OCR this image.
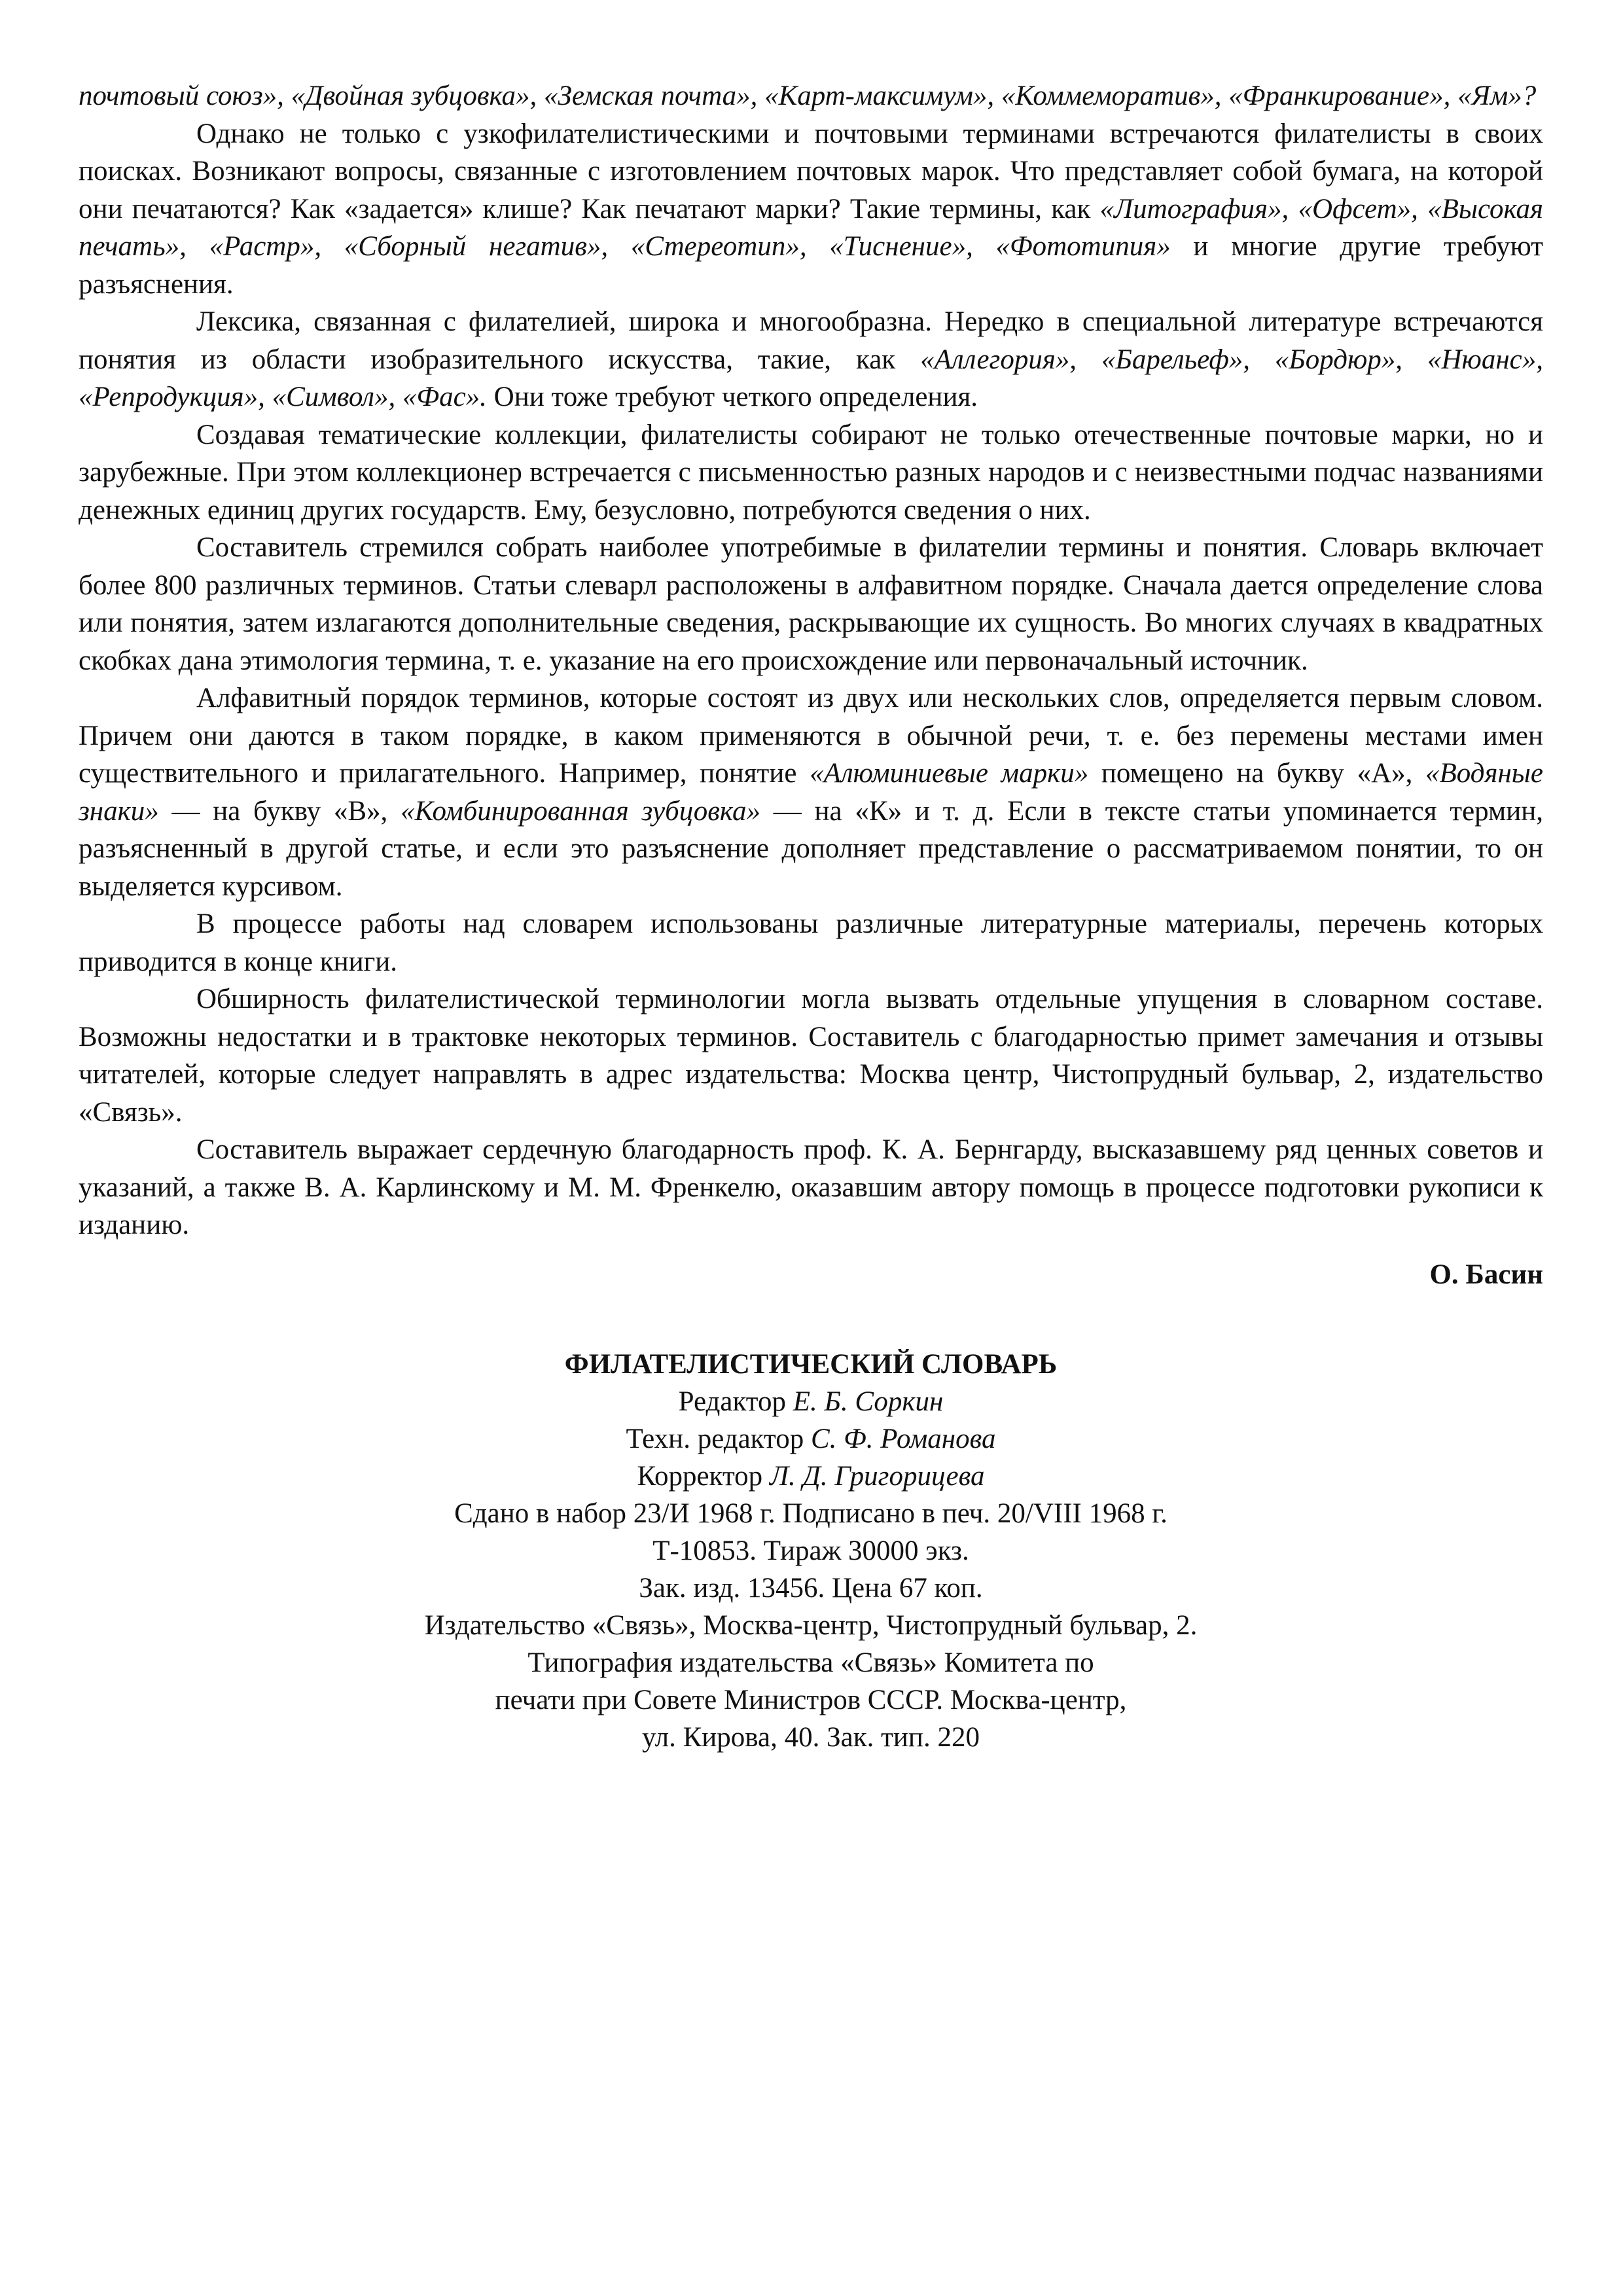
почтовый союз», «Двойная зубцовка», «Земская почта», «Карт-максимум», «Коммеморатив», «Франкирование», «Ям»?

Однако не только с узкофилателистическими и почтовыми терминами встречаются филателисты в своих поисках. Возникают вопросы, связанные с изготовлением почтовых марок. Что представляет собой бумага, на которой они печатаются? Как «задается» клише? Как печатают марки? Такие термины, как «Литография», «Офсет», «Высокая печать», «Растр», «Сборный негатив», «Стереотип», «Тиснение», «Фототипия» и многие другие требуют разъяснения.

Лексика, связанная с филателией, широка и многообразна. Нередко в специальной литературе встречаются понятия из области изобразительного искусства, такие, как «Аллегория», «Барельеф», «Бордюр», «Нюанс», «Репродукция», «Символ», «Фас». Они тоже требуют четкого определения.

Создавая тематические коллекции, филателисты собирают не только отечественные почтовые марки, но и зарубежные. При этом коллекционер встречается с письменностью разных народов и с неизвестными подчас названиями денежных единиц других государств. Ему, безусловно, потребуются сведения о них.

Составитель стремился собрать наиболее употребимые в филателии термины и понятия. Словарь включает более 800 различных терминов. Статьи слеварл расположены в алфавитном порядке. Сначала дается определение слова или понятия, затем излагаются дополнительные сведения, раскрывающие их сущность. Во многих случаях в квадратных скобках дана этимология термина, т. е. указание на его происхождение или первоначальный источник.

Алфавитный порядок терминов, которые состоят из двух или нескольких слов, определяется первым словом. Причем они даются в таком порядке, в каком применяются в обычной речи, т. е. без перемены местами имен существительного и прилагательного. Например, понятие «Алюминиевые марки» помещено на букву «А», «Водяные знаки» — на букву «В», «Комбинированная зубцовка» — на «К» и т. д. Если в тексте статьи упоминается термин, разъясненный в другой статье, и если это разъяснение дополняет представление о рассматриваемом понятии, то он выделяется курсивом.

В процессе работы над словарем использованы различные литературные материалы, перечень которых приводится в конце книги.

Обширность филателистической терминологии могла вызвать отдельные упущения в словарном составе. Возможны недостатки и в трактовке некоторых терминов. Составитель с благодарностью примет замечания и отзывы читателей, которые следует направлять в адрес издательства: Москва центр, Чистопрудный бульвар, 2, издательство «Связь».

Составитель выражает сердечную благодарность проф. К. А. Бернгарду, высказавшему ряд ценных советов и указаний, а также В. А. Карлинскому и М. М. Френкелю, оказавшим автору помощь в процессе подготовки рукописи к изданию.

О. Басин

ФИЛАТЕЛИСТИЧЕСКИЙ СЛОВАРЬ
Редактор Е. Б. Соркин
Техн. редактор С. Ф. Романова
Корректор Л. Д. Григорицева
Сдано в набор 23/И 1968 г. Подписано в печ. 20/VIII 1968 г.
Т-10853. Тираж 30000 экз.
Зак. изд. 13456. Цена 67 коп.
Издательство «Связь», Москва-центр, Чистопрудный бульвар, 2.
Типография издательства «Связь» Комитета по
печати при Совете Министров СССР. Москва-центр,
ул. Кирова, 40. Зак. тип. 220
